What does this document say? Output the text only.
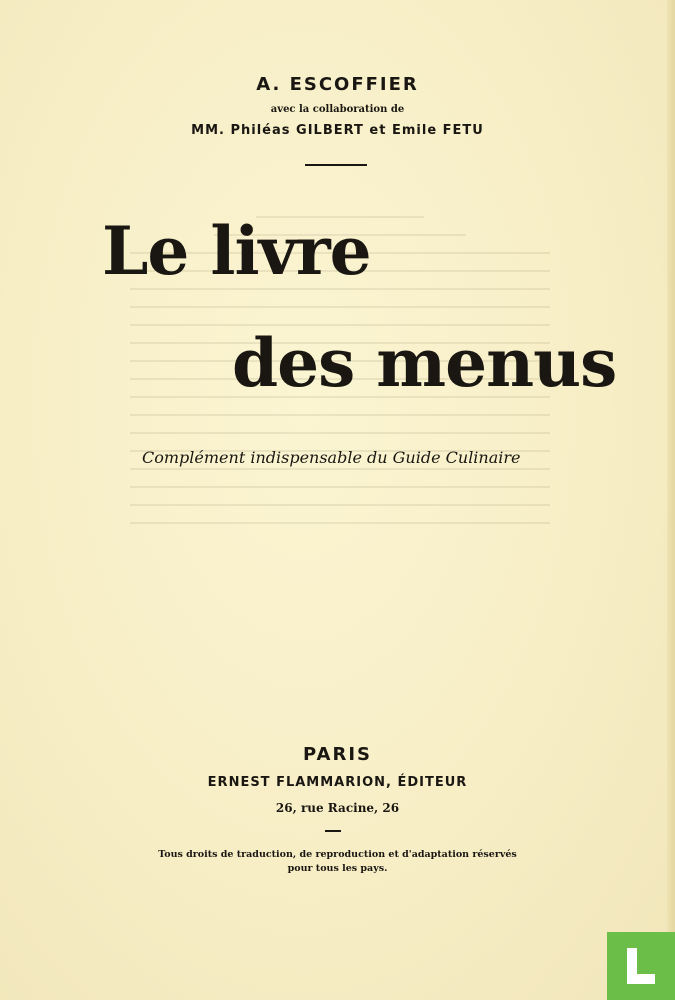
A. ESCOFFIER
avec la collaboration de
MM. Philéas GILBERT et Emile FETU
Le livre
des menus
Complément indispensable du Guide Culinaire
PARIS
ERNEST FLAMMARION, ÉDITEUR
26, rue Racine, 26
Tous droits de traduction, de reproduction et d'adaptation réservés
pour tous les pays.
